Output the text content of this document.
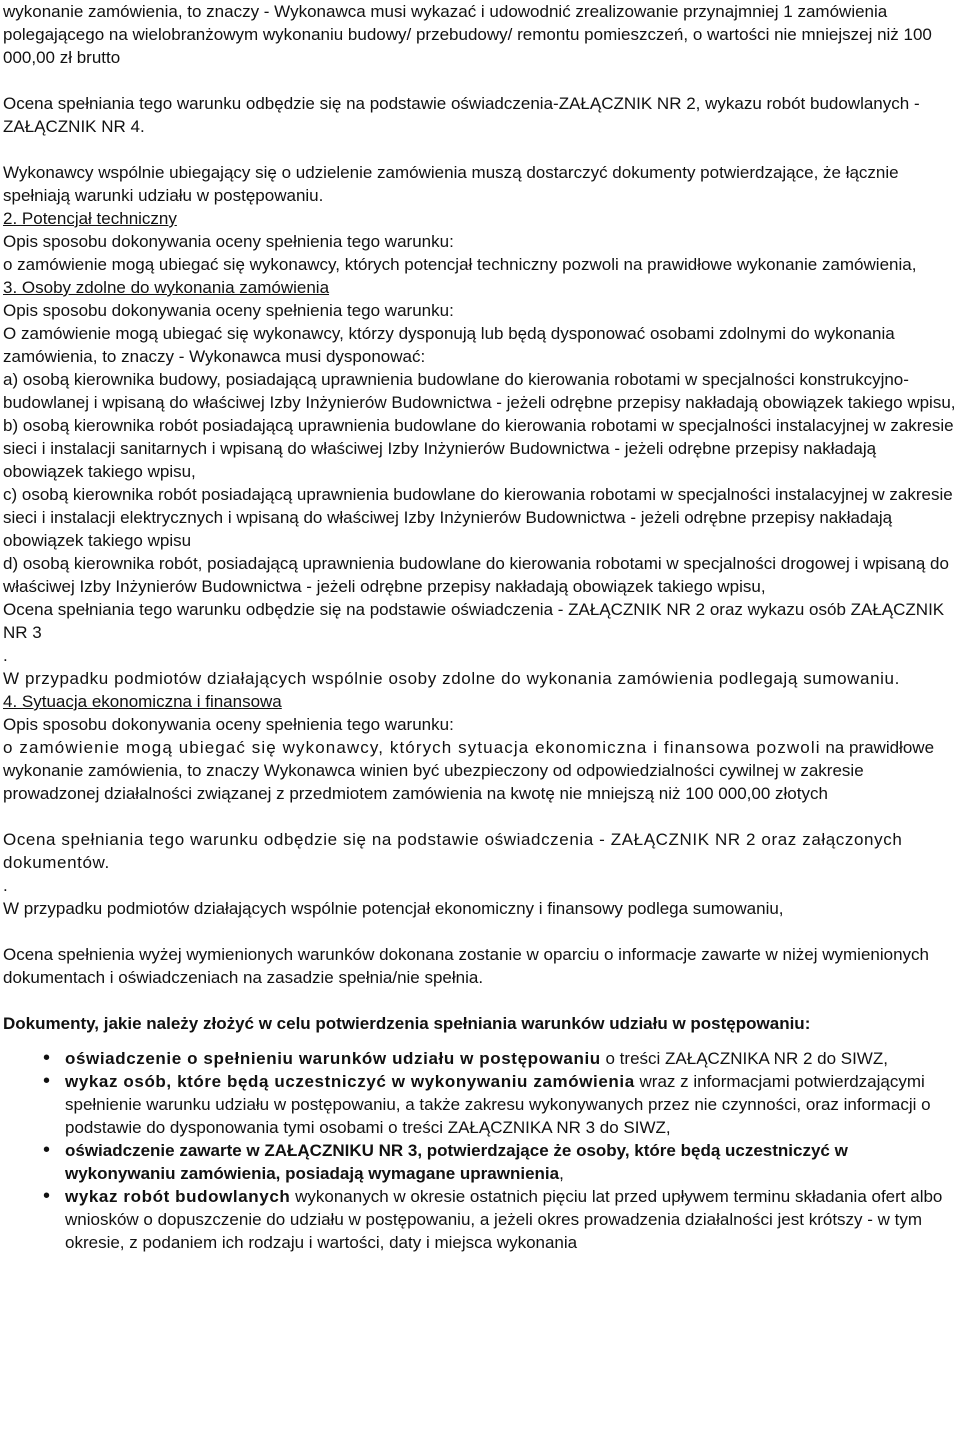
wykonanie zamówienia, to znaczy - Wykonawca musi wykazać i udowodnić zrealizowanie przynajmniej 1 zamówienia polegającego na wielobranżowym wykonaniu budowy/ przebudowy/ remontu pomieszczeń, o wartości nie mniejszej niż 100 000,00 zł brutto

Ocena spełniania tego warunku odbędzie się na podstawie oświadczenia-ZAŁĄCZNIK NR 2, wykazu robót budowlanych -ZAŁĄCZNIK NR 4.

Wykonawcy wspólnie ubiegający się o udzielenie zamówienia muszą dostarczyć dokumenty potwierdzające, że łącznie spełniają warunki udziału w postępowaniu.

2. Potencjał techniczny

Opis sposobu dokonywania oceny spełnienia tego warunku:

o zamówienie mogą ubiegać się wykonawcy, których potencjał techniczny pozwoli na prawidłowe wykonanie zamówienia,

3. Osoby zdolne do wykonania zamówienia

Opis sposobu dokonywania oceny spełnienia tego warunku:

O zamówienie mogą ubiegać się wykonawcy, którzy dysponują lub będą dysponować osobami zdolnymi do wykonania zamówienia, to znaczy - Wykonawca musi dysponować:

a) osobą kierownika budowy, posiadającą uprawnienia budowlane do kierowania robotami w specjalności konstrukcyjno-budowlanej i wpisaną do właściwej Izby Inżynierów Budownictwa - jeżeli odrębne przepisy nakładają obowiązek takiego wpisu,

b) osobą kierownika robót posiadającą uprawnienia budowlane do kierowania robotami w specjalności instalacyjnej w zakresie sieci i instalacji sanitarnych i wpisaną do właściwej Izby Inżynierów Budownictwa - jeżeli odrębne przepisy nakładają obowiązek takiego wpisu,

c) osobą kierownika robót posiadającą uprawnienia budowlane do kierowania robotami w specjalności instalacyjnej w zakresie sieci i instalacji elektrycznych i wpisaną do właściwej Izby Inżynierów Budownictwa - jeżeli odrębne przepisy nakładają obowiązek takiego wpisu

d) osobą kierownika robót, posiadającą uprawnienia budowlane do kierowania robotami w specjalności drogowej i wpisaną do właściwej Izby Inżynierów Budownictwa - jeżeli odrębne przepisy nakładają obowiązek takiego wpisu,

Ocena spełniania tego warunku odbędzie się na podstawie oświadczenia - ZAŁĄCZNIK NR 2 oraz wykazu osób ZAŁĄCZNIK NR 3

.

W przypadku podmiotów działających wspólnie osoby zdolne do wykonania zamówienia podlegają sumowaniu.

4. Sytuacja ekonomiczna i finansowa

Opis sposobu dokonywania oceny spełnienia tego warunku:

o zamówienie mogą ubiegać się wykonawcy, których sytuacja ekonomiczna i finansowa pozwoli na prawidłowe wykonanie zamówienia, to znaczy Wykonawca winien być ubezpieczony od odpowiedzialności cywilnej w zakresie prowadzonej działalności związanej z przedmiotem zamówienia na kwotę nie mniejszą niż 100 000,00 złotych

Ocena spełniania tego warunku odbędzie się na podstawie oświadczenia - ZAŁĄCZNIK NR 2 oraz załączonych dokumentów.

.

W przypadku podmiotów działających wspólnie potencjał ekonomiczny i finansowy podlega sumowaniu,

Ocena spełnienia wyżej wymienionych warunków dokonana zostanie w oparciu o informacje zawarte w niżej wymienionych dokumentach i oświadczeniach na zasadzie spełnia/nie spełnia.

Dokumenty, jakie należy złożyć w celu potwierdzenia spełniania warunków udziału w postępowaniu:

• oświadczenie o spełnieniu warunków udziału w postępowaniu o treści ZAŁĄCZNIKA NR 2 do SIWZ,
• wykaz osób, które będą uczestniczyć w wykonywaniu zamówienia wraz z informacjami potwierdzającymi spełnienie warunku udziału w postępowaniu, a także zakresu wykonywanych przez nie czynności, oraz informacji o podstawie do dysponowania tymi osobami o treści ZAŁĄCZNIKA NR 3 do SIWZ,
• oświadczenie zawarte w ZAŁĄCZNIKU NR 3, potwierdzające że osoby, które będą uczestniczyć w wykonywaniu zamówienia, posiadają wymagane uprawnienia,
• wykaz robót budowlanych wykonanych w okresie ostatnich pięciu lat przed upływem terminu składania ofert albo wniosków o dopuszczenie do udziału w postępowaniu, a jeżeli okres prowadzenia działalności jest krótszy - w tym okresie, z podaniem ich rodzaju i wartości, daty i miejsca wykonania
